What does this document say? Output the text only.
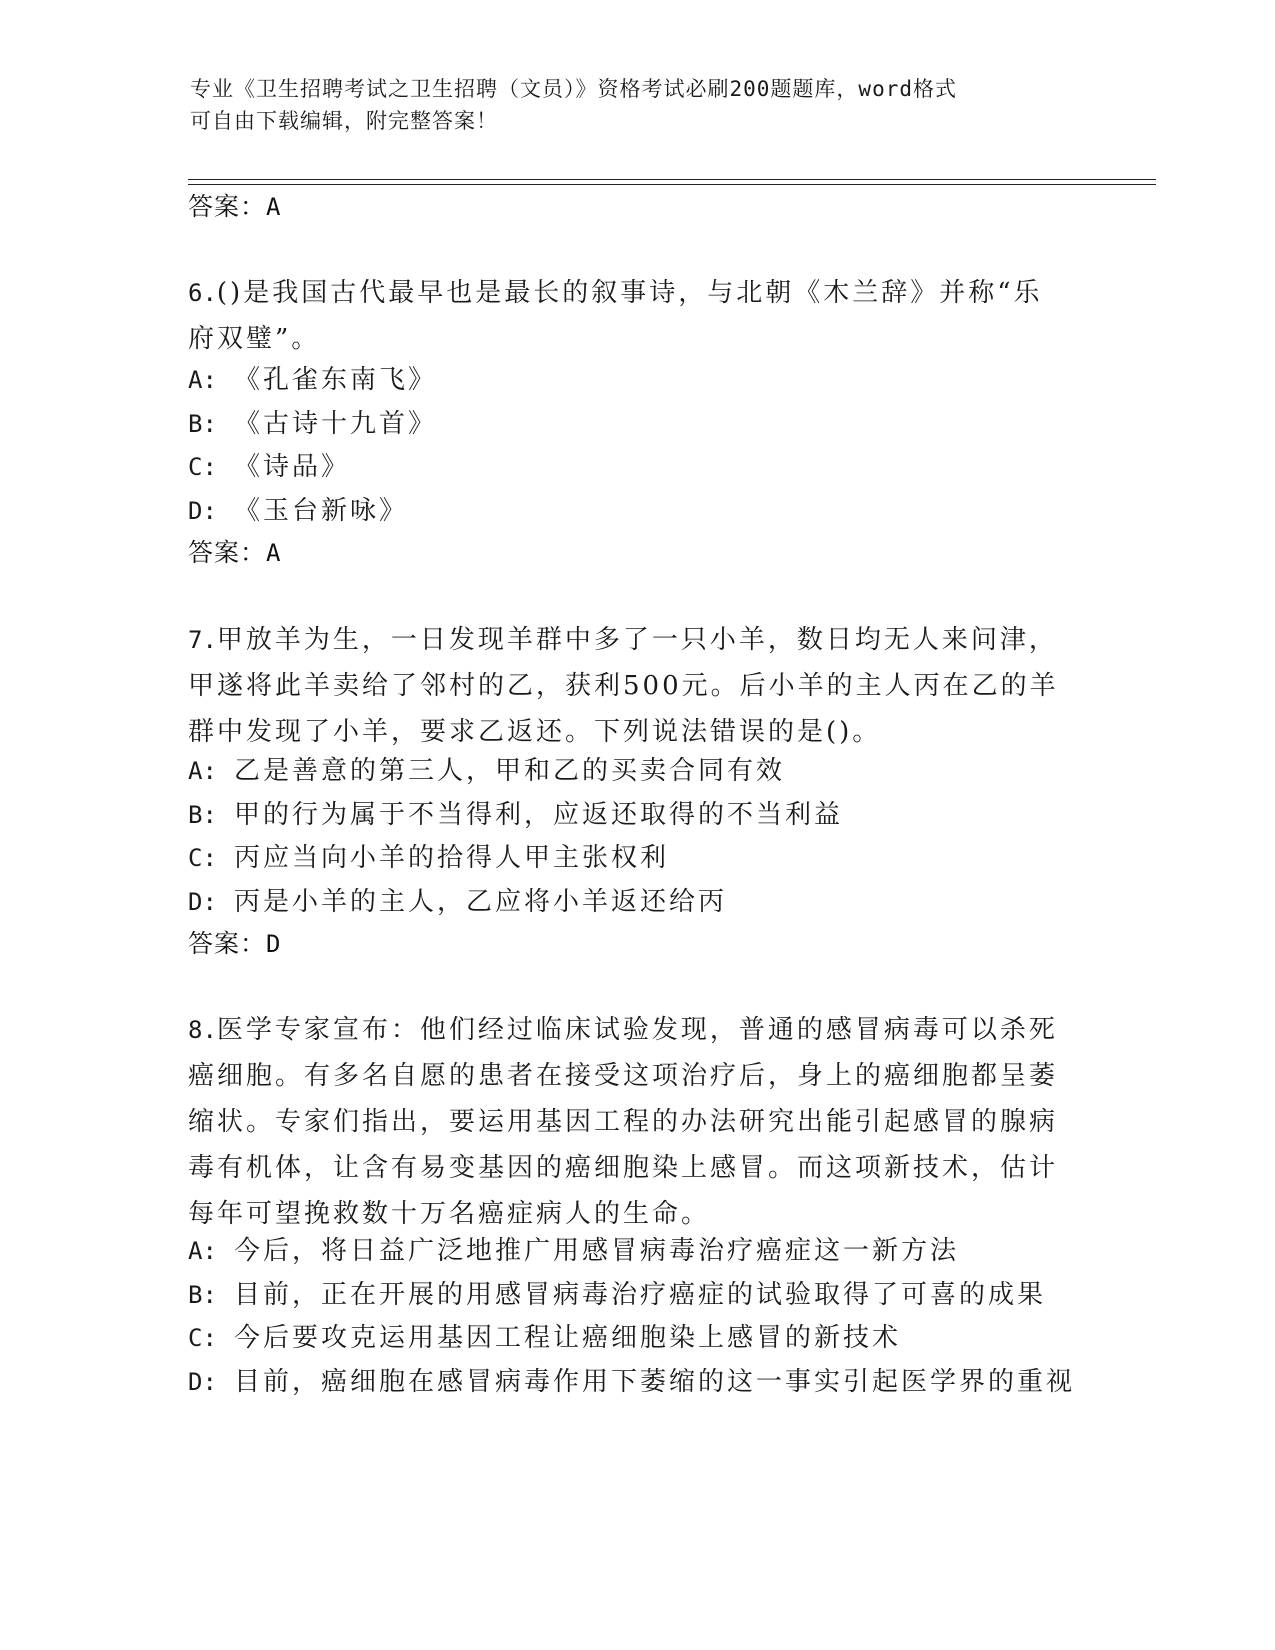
专业《卫生招聘考试之卫生招聘（文员）》资格考试必刷200题题库，word格式
可自由下载编辑，附完整答案！
答案：A
6.()是我国古代最早也是最长的叙事诗，与北朝《木兰辞》并称“乐
府双璧”。
A: 《孔雀东南飞》
B: 《古诗十九首》
C: 《诗品》
D: 《玉台新咏》
答案：A
7.甲放羊为生，一日发现羊群中多了一只小羊，数日均无人来问津，
甲遂将此羊卖给了邻村的乙，获利500元。后小羊的主人丙在乙的羊
群中发现了小羊，要求乙返还。下列说法错误的是()。
A: 乙是善意的第三人，甲和乙的买卖合同有效
B: 甲的行为属于不当得利，应返还取得的不当利益
C: 丙应当向小羊的拾得人甲主张权利
D: 丙是小羊的主人，乙应将小羊返还给丙
答案：D
8.医学专家宣布：他们经过临床试验发现，普通的感冒病毒可以杀死
癌细胞。有多名自愿的患者在接受这项治疗后，身上的癌细胞都呈萎
缩状。专家们指出，要运用基因工程的办法研究出能引起感冒的腺病
毒有机体，让含有易变基因的癌细胞染上感冒。而这项新技术，估计
每年可望挽救数十万名癌症病人的生命。
A: 今后，将日益广泛地推广用感冒病毒治疗癌症这一新方法
B: 目前，正在开展的用感冒病毒治疗癌症的试验取得了可喜的成果
C: 今后要攻克运用基因工程让癌细胞染上感冒的新技术
D: 目前，癌细胞在感冒病毒作用下萎缩的这一事实引起医学界的重视
